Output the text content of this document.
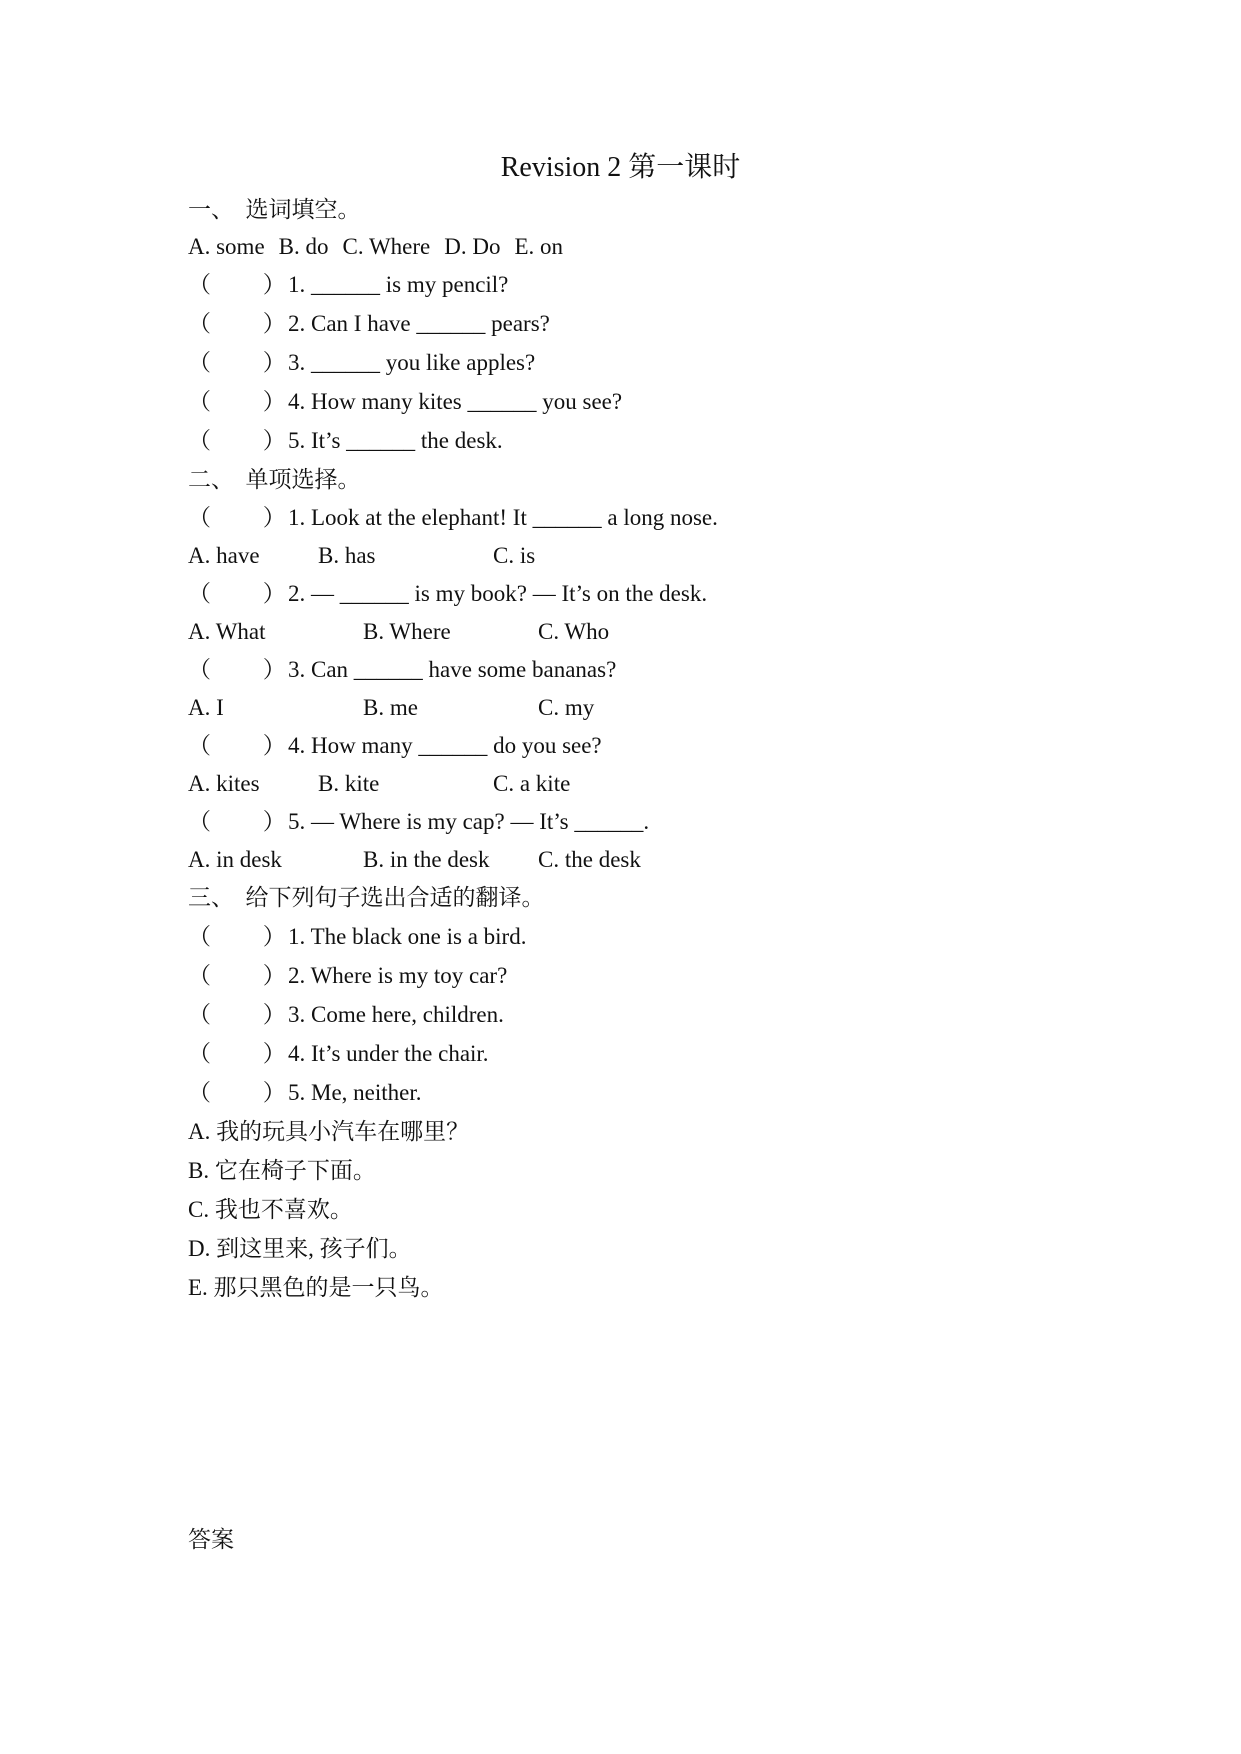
Revision 2 第一课时
一、  选词填空。
A. some B. do C. Where D. Do E. on
（　 　）1. ______ is my pencil?
（　 　）2. Can I have ______ pears?
（　 　）3. ______ you like apples?
（　 　）4. How many kites ______ you see?
（　 　）5. It’s ______ the desk.
二、  单项选择。
（　 　）1. Look at the elephant! It ______ a long nose.
A. have	B. has	C. is
（　 　）2. — ______ is my book? — It’s on the desk.
A. What	B. Where	C. Who
（　 　）3. Can ______ have some bananas?
A. I	B. me	C. my
（　 　）4. How many ______ do you see?
A. kites	B. kite	C. a kite
（　 　）5. — Where is my cap? — It’s ______.
A. in desk	B. in the desk C. the desk
三、  给下列句子选出合适的翻译。
（　 　）1. The black one is a bird.
（　 　）2. Where is my toy car?
（　 　）3. Come here, children.
（　 　）4. It’s under the chair.
（　 　）5. Me, neither.
A. 我的玩具小汽车在哪里？
B. 它在椅子下面。
C. 我也不喜欢。
D. 到这里来, 孩子们。
E. 那只黑色的是一只鸟。
答案
